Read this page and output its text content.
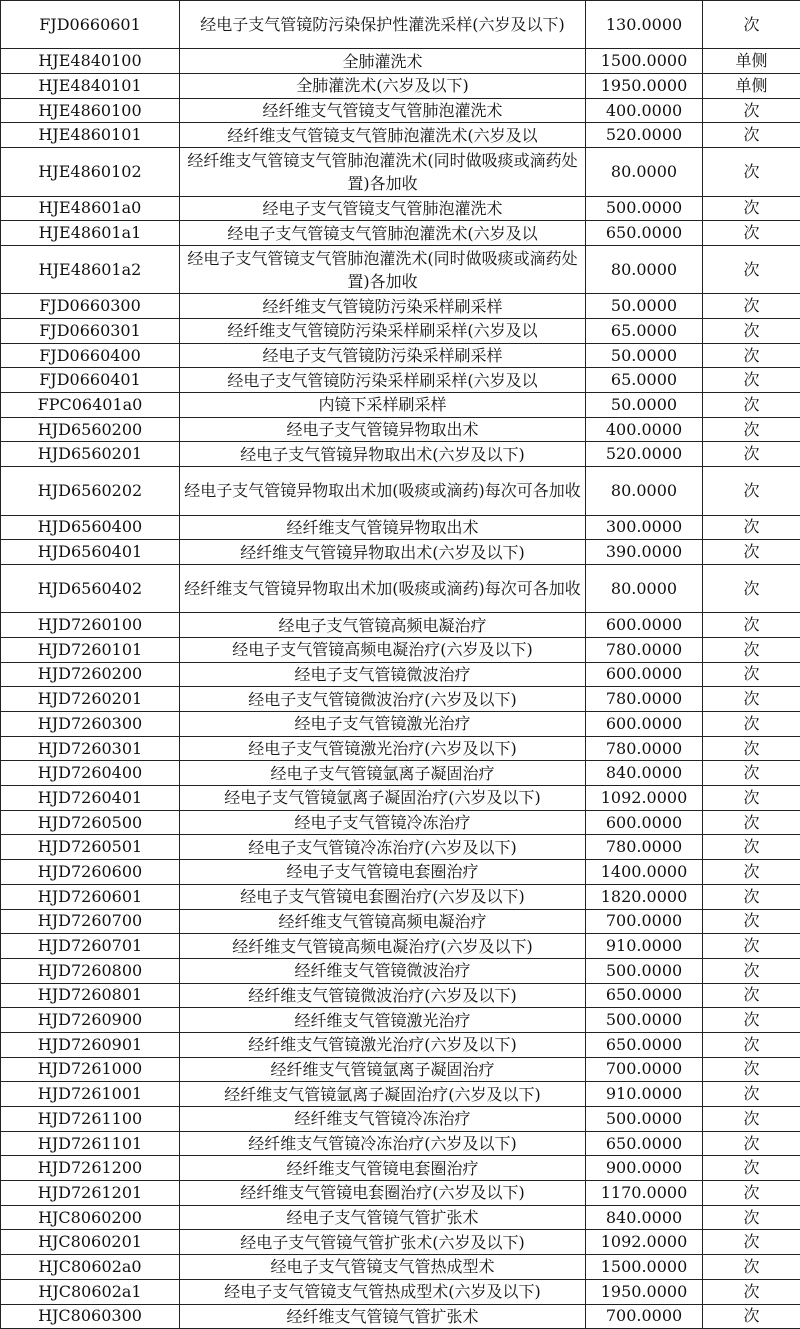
FJD0660601	经电子支气管镜防污染保护性灌洗采样(六岁及以下)	130.0000	次
HJE4840100	全肺灌洗术	1500.0000	单侧
HJE4840101	全肺灌洗术(六岁及以下)	1950.0000	单侧
HJE4860100	经纤维支气管镜支气管肺泡灌洗术	400.0000	次
HJE4860101	经纤维支气管镜支气管肺泡灌洗术(六岁及以	520.0000	次
HJE4860102	经纤维支气管镜支气管肺泡灌洗术(同时做吸痰或滴药处置)各加收	80.0000	次
HJE48601a0	经电子支气管镜支气管肺泡灌洗术	500.0000	次
HJE48601a1	经电子支气管镜支气管肺泡灌洗术(六岁及以	650.0000	次
HJE48601a2	经电子支气管镜支气管肺泡灌洗术(同时做吸痰或滴药处置)各加收	80.0000	次
FJD0660300	经纤维支气管镜防污染采样刷采样	50.0000	次
FJD0660301	经纤维支气管镜防污染采样刷采样(六岁及以	65.0000	次
FJD0660400	经电子支气管镜防污染采样刷采样	50.0000	次
FJD0660401	经电子支气管镜防污染采样刷采样(六岁及以	65.0000	次
FPC06401a0	内镜下采样刷采样	50.0000	次
HJD6560200	经电子支气管镜异物取出术	400.0000	次
HJD6560201	经电子支气管镜异物取出术(六岁及以下)	520.0000	次
HJD6560202	经电子支气管镜异物取出术加(吸痰或滴药)每次可各加收	80.0000	次
HJD6560400	经纤维支气管镜异物取出术	300.0000	次
HJD6560401	经纤维支气管镜异物取出术(六岁及以下)	390.0000	次
HJD6560402	经纤维支气管镜异物取出术加(吸痰或滴药)每次可各加收	80.0000	次
HJD7260100	经电子支气管镜高频电凝治疗	600.0000	次
HJD7260101	经电子支气管镜高频电凝治疗(六岁及以下)	780.0000	次
HJD7260200	经电子支气管镜微波治疗	600.0000	次
HJD7260201	经电子支气管镜微波治疗(六岁及以下)	780.0000	次
HJD7260300	经电子支气管镜激光治疗	600.0000	次
HJD7260301	经电子支气管镜激光治疗(六岁及以下)	780.0000	次
HJD7260400	经电子支气管镜氩离子凝固治疗	840.0000	次
HJD7260401	经电子支气管镜氩离子凝固治疗(六岁及以下)	1092.0000	次
HJD7260500	经电子支气管镜冷冻治疗	600.0000	次
HJD7260501	经电子支气管镜冷冻治疗(六岁及以下)	780.0000	次
HJD7260600	经电子支气管镜电套圈治疗	1400.0000	次
HJD7260601	经电子支气管镜电套圈治疗(六岁及以下)	1820.0000	次
HJD7260700	经纤维支气管镜高频电凝治疗	700.0000	次
HJD7260701	经纤维支气管镜高频电凝治疗(六岁及以下)	910.0000	次
HJD7260800	经纤维支气管镜微波治疗	500.0000	次
HJD7260801	经纤维支气管镜微波治疗(六岁及以下)	650.0000	次
HJD7260900	经纤维支气管镜激光治疗	500.0000	次
HJD7260901	经纤维支气管镜激光治疗(六岁及以下)	650.0000	次
HJD7261000	经纤维支气管镜氩离子凝固治疗	700.0000	次
HJD7261001	经纤维支气管镜氩离子凝固治疗(六岁及以下)	910.0000	次
HJD7261100	经纤维支气管镜冷冻治疗	500.0000	次
HJD7261101	经纤维支气管镜冷冻治疗(六岁及以下)	650.0000	次
HJD7261200	经纤维支气管镜电套圈治疗	900.0000	次
HJD7261201	经纤维支气管镜电套圈治疗(六岁及以下)	1170.0000	次
HJC8060200	经电子支气管镜气管扩张术	840.0000	次
HJC8060201	经电子支气管镜气管扩张术(六岁及以下)	1092.0000	次
HJC80602a0	经电子支气管镜支气管热成型术	1500.0000	次
HJC80602a1	经电子支气管镜支气管热成型术(六岁及以下)	1950.0000	次
HJC8060300	经纤维支气管镜气管扩张术	700.0000	次
